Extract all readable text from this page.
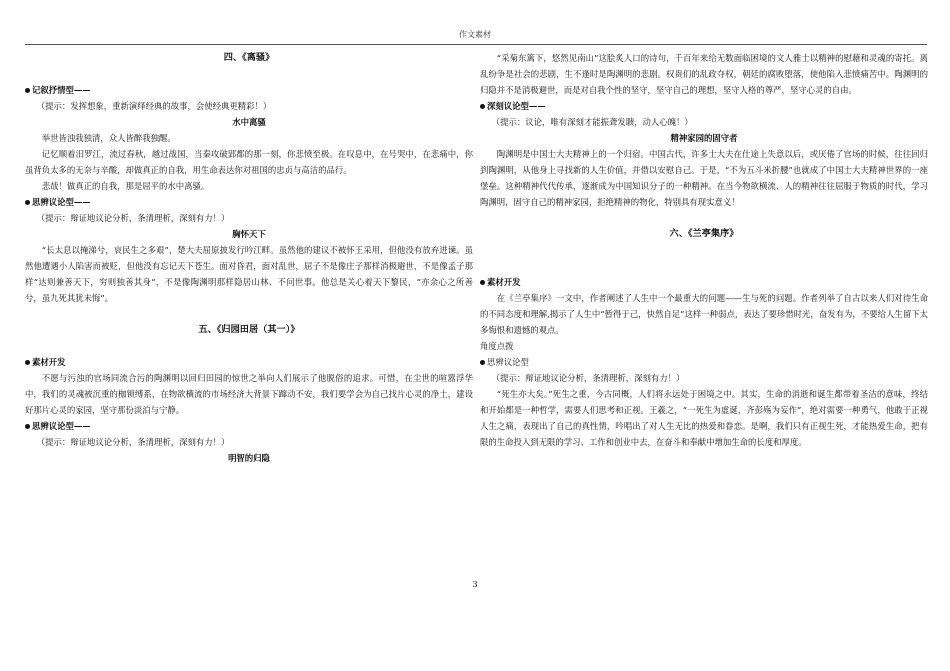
作文素材
四、《离骚》
记叙抒情型——
（提示：发挥想象，重新演绎经典的故事，会使经典更精彩！）
水中离骚

举世皆浊我独清，众人皆醉我独醒。

记忆顺着汨罗江，流过春秋，越过战国，当秦攻破郢都的那一刻，你悲愤至极。在叹息中，在号哭中，在悲痛中，你虽背负太多的无奈与辛酸，却做真正的自我，用生命表达你对祖国的忠贞与高洁的品行。

悲哉！做真正的自我，那是屈平的水中离骚。

思辨议论型——
（提示：辩证地议论分析，条清理析，深刻有力！）
胸怀天下

“长太息以掩涕兮，哀民生之多艰”，楚大夫屈原披发行吟江畔。虽然他的建议不被怀王采用，但他没有放弃进谏。虽然他遭遇小人陷害而被贬，但他没有忘记天下苍生。面对昏君，面对乱世，屈子不是像庄子那样消极避世，不是像孟子那样“达则兼善天下，穷则独善其身”，不是像陶渊明那样隐居山林、不问世事。他总是关心着天下黎民，“亦余心之所善兮，虽九死其犹未悔”。

五、《归园田居（其一）》
素材开发

不愿与污浊的官场同流合污的陶渊明以回归田园的惊世之举向人们展示了他脱俗的追求。可惜，在尘世的喧嚣浮华中，我们的灵魂被沉重的枷锁缚系，在物欲横流的市场经济大背景下蹿动不安，我们要学会为自己找片心灵的净土，建设好那片心灵的家园，坚守那份淡泊与宁静。

思辨议论型——
（提示：辩证地议论分析，条清理析，深刻有力！）
明智的归隐

“采菊东篱下，悠然见南山”这脍炙人口的诗句，千百年来给无数面临困境的文人雅士以精神的慰藉和灵魂的寄托。离乱纷争是社会的悲剧，生不逢时是陶渊明的悲剧。权贵们的乱政夺权，朝廷的腐败堕落，使他陷入悲愤痛苦中。陶渊明的归隐并不是消极避世，而是对自我个性的坚守，坚守自己的理想，坚守人格的尊严，坚守心灵的自由。

深刻议论型——
（提示：议论，唯有深刻才能振聋发聩，动人心魄！）
精神家园的固守者

陶渊明是中国士大夫精神上的一个归宿。中国古代，许多士大夫在仕途上失意以后，或厌倦了官场的时候，往往回归到陶渊明，从他身上寻找新的人生价值，并借以安慰自己。于是，“不为五斗米折腰”也就成了中国士大夫精神世界的一座堡垒。这种精神代代传承，逐渐成为中国知识分子的一种精神。在当今物欲横流、人的精神往往屈服于物质的时代，学习陶渊明，固守自己的精神家园，拒绝精神的物化，特别具有现实意义！

六、《兰亭集序》
素材开发

在《兰亭集序》一文中，作者阐述了人生中一个最重大的问题——生与死的问题。作者列举了自古以来人们对待生命的不同态度和理解,揭示了人生中“暂得于己，快然自足”这样一种弱点，表达了要珍惜时光，奋发有为，不要给人生留下太多悔恨和遗憾的观点。

角度点拨
思辨议论型
（提示：辩证地议论分析，条清理析，深刻有力！）

“死生亦大矣。”死生之重，今古同概，人们将永远处于困境之中。其实，生命的消逝和诞生都带着圣洁的意味，终结和开始都是一种哲学，需要人们思考和正视。王羲之，“一死生为虚诞，齐彭殇为妄作”，绝对需要一种勇气，他敢于正视人生之痛，表现出了自己的真性情，吟唱出了对人生无比的热爱和眷恋。是啊，我们只有正视生死，才能热爱生命，把有限的生命投入到无限的学习、工作和创业中去，在奋斗和奉献中增加生命的长度和厚度。

3
